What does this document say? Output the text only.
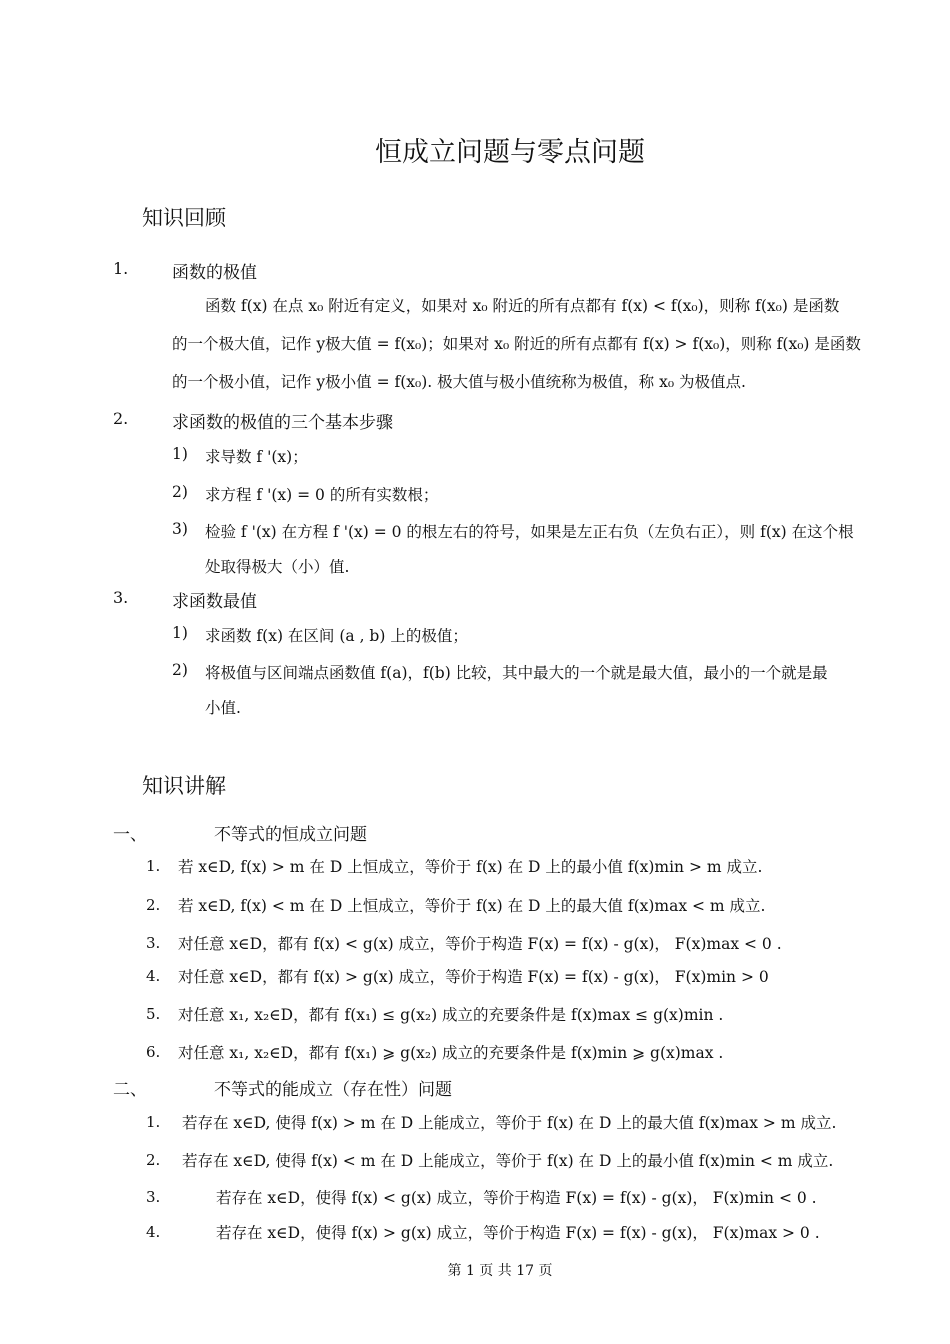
恒成立问题与零点问题
知识回顾
1.	函数的极值
函数 f(x) 在点 x₀ 附近有定义，如果对 x₀ 附近的所有点都有 f(x) < f(x₀)，则称 f(x₀) 是函数
的一个极大值，记作 y极大值 = f(x₀)；如果对 x₀ 附近的所有点都有 f(x) > f(x₀)，则称 f(x₀) 是函数
的一个极小值，记作 y极小值 = f(x₀). 极大值与极小值统称为极值，称 x₀ 为极值点.
2.	求函数的极值的三个基本步骤
1) 求导数 f '(x)；
2) 求方程 f '(x) = 0 的所有实数根；
3) 检验 f '(x) 在方程 f '(x) = 0 的根左右的符号，如果是左正右负（左负右正），则 f(x) 在这个根
处取得极大（小）值.
3.	求函数最值
1) 求函数 f(x) 在区间 (a , b) 上的极值；
2) 将极值与区间端点函数值 f(a)，f(b) 比较，其中最大的一个就是最大值，最小的一个就是最
小值.
知识讲解
一、	不等式的恒成立问题
1. 若 x∈D, f(x) > m 在 D 上恒成立，等价于 f(x) 在 D 上的最小值 f(x)min > m 成立.
2. 若 x∈D, f(x) < m 在 D 上恒成立，等价于 f(x) 在 D 上的最大值 f(x)max < m 成立.
3. 对任意 x∈D，都有 f(x) < g(x) 成立，等价于构造 F(x) = f(x) - g(x)， F(x)max < 0 .
4. 对任意 x∈D，都有 f(x) > g(x) 成立，等价于构造 F(x) = f(x) - g(x)， F(x)min > 0
5. 对任意 x₁, x₂∈D，都有 f(x₁) ≤ g(x₂) 成立的充要条件是 f(x)max ≤ g(x)min .
6. 对任意 x₁, x₂∈D，都有 f(x₁) ⩾ g(x₂) 成立的充要条件是 f(x)min ⩾ g(x)max .
二、	不等式的能成立（存在性）问题
1. 若存在 x∈D, 使得 f(x) > m 在 D 上能成立，等价于 f(x) 在 D 上的最大值 f(x)max > m 成立.
2. 若存在 x∈D, 使得 f(x) < m 在 D 上能成立，等价于 f(x) 在 D 上的最小值 f(x)min < m 成立.
3.	若存在 x∈D，使得 f(x) < g(x) 成立，等价于构造 F(x) = f(x) - g(x)， F(x)min < 0 .
4.	若存在 x∈D，使得 f(x) > g(x) 成立，等价于构造 F(x) = f(x) - g(x)， F(x)max > 0 .
第 1 页 共 17 页
